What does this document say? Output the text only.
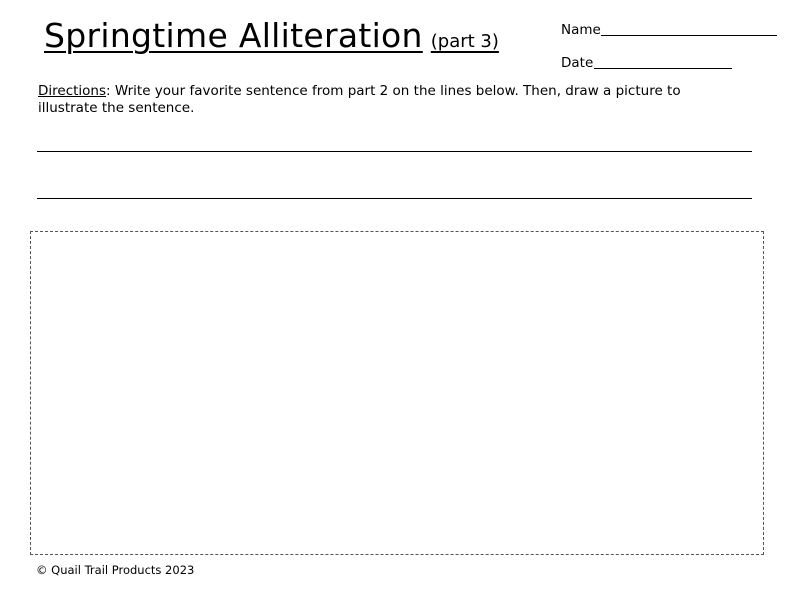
Springtime Alliteration (part 3)
Name
Date
Directions: Write your favorite sentence from part 2 on the lines below. Then, draw a picture to illustrate the sentence.
© Quail Trail Products 2023
